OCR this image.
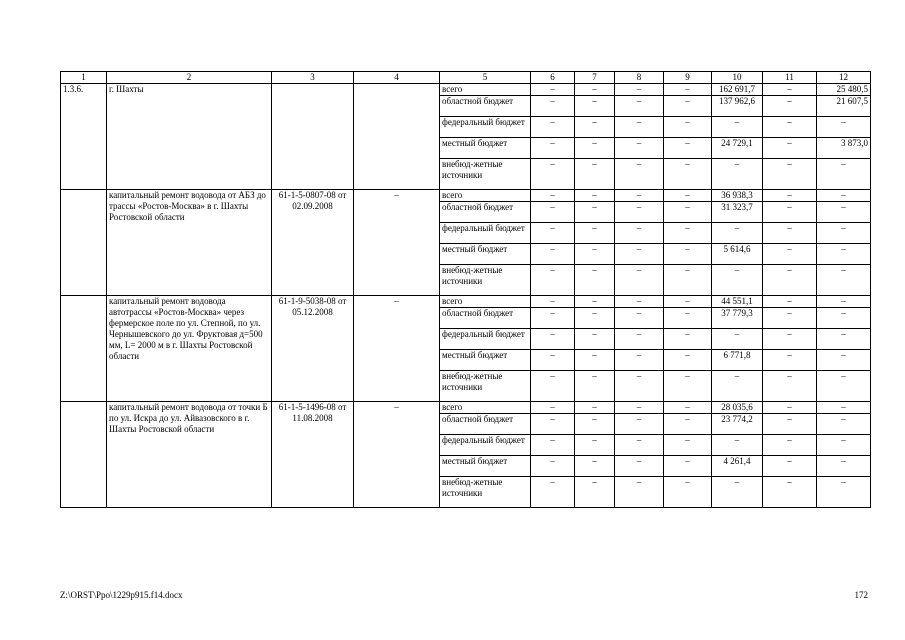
1	2	3	4	5	6	7	8	9	10	11	12
1.3.6.	г. Шахты			всего	–	–	–	–	162 691,7	–	25 480,5
				областной бюджет	–	–	–	–	137 962,6	–	21 607,5
				федеральный бюджет	–	–	–	–	–	–	–
				местный бюджет	–	–	–	–	24 729,1	–	3 873,0
				внебюд-жетные источники	–	–	–	–	–	–	–
	капитальный ремонт водовода от АБЗ до трассы «Ростов-Москва» в г. Шахты Ростовской области	61-1-5-0807-08 от 02.09.2008	–	всего	–	–	–	–	36 938,3	–	–
				областной бюджет	–	–	–	–	31 323,7	–	–
				федеральный бюджет	–	–	–	–	–	–	–
				местный бюджет	–	–	–	–	5 614,6	–	–
				внебюд-жетные источники	–	–	–	–	–	–	–
	капитальный ремонт водовода автотрассы «Ростов-Москва» через фермерское поле по ул. Степной, по ул. Чернышевского до ул. Фруктовая д=500 мм, L= 2000 м в г. Шахты Ростовской области	61-1-9-5038-08 от 05.12.2008	–	всего	–	–	–	–	44 551,1	–	–
				областной бюджет	–	–	–	–	37 779,3	–	–
				федеральный бюджет	–	–	–	–	–	–	–
				местный бюджет	–	–	–	–	6 771,8	–	–
				внебюд-жетные источники	–	–	–	–	–	–	–
	капитальный ремонт водовода от точки Б по ул. Искра до ул. Айвазовского в г. Шахты Ростовской области	61-1-5-1496-08 от 11.08.2008	–	всего	–	–	–	–	28 035,6	–	–
				областной бюджет	–	–	–	–	23 774,2	–	–
				федеральный бюджет	–	–	–	–	–	–	–
				местный бюджет	–	–	–	–	4 261,4	–	–
				внебюд-жетные источники	–	–	–	–	–	–	–
Z:\ORST\Ppo\1229p915.f14.docx	172
